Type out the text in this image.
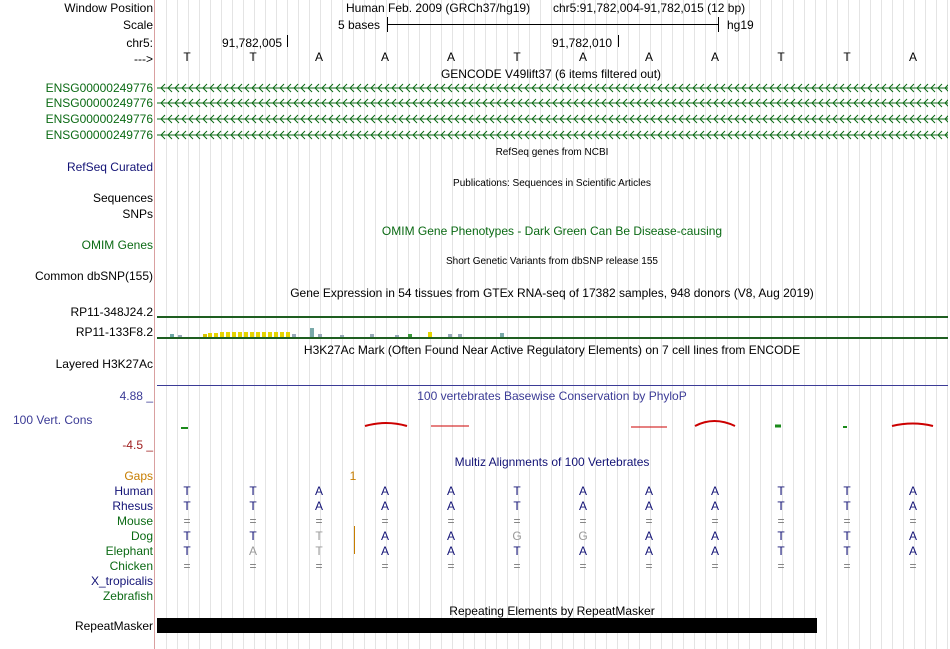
Window Position
Scale
chr5:
--->
Human Feb. 2009 (GRCh37/hg19) chr5:91,782,004-91,782,015 (12 bp)
5 bases	hg19
91,782,005	91,782,010
T	T	A	A	A	T	A	A	A	T	T	A
GENCODE V49lift37 (6 items filtered out)
ENSG00000249776
ENSG00000249776
ENSG00000249776
ENSG00000249776
RefSeq Curated
RefSeq genes from NCBI
Sequences
SNPs
Publications: Sequences in Scientific Articles
OMIM Genes
OMIM Gene Phenotypes - Dark Green Can Be Disease-causing
Common dbSNP(155)
Short Genetic Variants from dbSNP release 155
Gene Expression in 54 tissues from GTEx RNA-seq of 17382 samples, 948 donors (V8, Aug 2019)
RP11-348J24.2
RP11-133F8.2
H3K27Ac Mark (Often Found Near Active Regulatory Elements) on 7 cell lines from ENCODE
Layered H3K27Ac
4.88 _	100 vertebrates Basewise Conservation by PhyloP
100 Vert. Cons
-4.5 _
Multiz Alignments of 100 Vertebrates
Gaps	1
Human	T	T	A	A	A	T	A	A	A	T	T	A
Rhesus	T	T	A	A	A	T	A	A	A	T	T	A
Mouse	=	=	=	=	=	=	=	=	=	=	=	=
Dog	T	T	T	A	A	G	G	A	A	T	T	A
Elephant	T	A	T	A	A	T	A	A	A	T	T	A
Chicken	=	=	=	=	=	=	=	=	=	=	=	=
X_tropicalis
Zebrafish
Repeating Elements by RepeatMasker
RepeatMasker
